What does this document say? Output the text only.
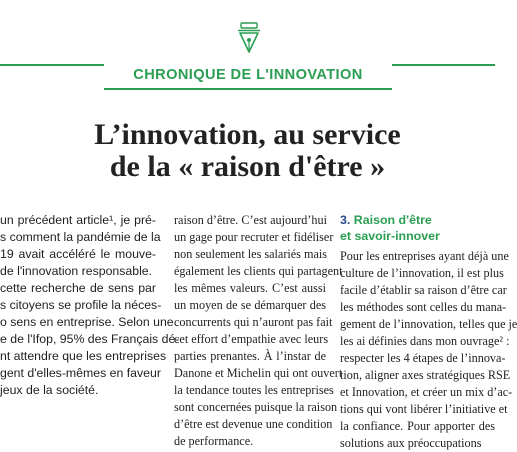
CHRONIQUE DE L'INNOVATION
L’innovation, au service
de la « raison d'être »
un précédent article¹, je pré-
s comment la pandémie de la
19 avait accéléré le mouve-
de l'innovation responsable.
cette recherche de sens par
s citoyens se profile la néces-
o sens en entreprise. Selon une
e de l'Ifop, 95% des Français dé-
nt attendre que les entreprises
gent d'elles-mêmes en faveur
jeux de la société.
raison d’être. C’est aujourd’hui
un gage pour recruter et fidéliser
non seulement les salariés mais
également les clients qui partagent
les mêmes valeurs. C’est aussi
un moyen de se démarquer des
concurrents qui n’auront pas fait
cet effort d’empathie avec leurs
parties prenantes. À l’instar de
Danone et Michelin qui ont ouvert
la tendance toutes les entreprises
sont concernées puisque la raison
d’être est devenue une condition
de performance.
3. Raison d'être
et savoir-innover
Pour les entreprises ayant déjà une
culture de l’innovation, il est plus
facile d’établir sa raison d’être car
les méthodes sont celles du mana-
gement de l’innovation, telles que je
les ai définies dans mon ouvrage² :
respecter les 4 étapes de l’innova-
tion, aligner axes stratégiques RSE
et Innovation, et créer un mix d’ac-
tions qui vont libérer l’initiative et
la confiance. Pour apporter des
solutions aux préoccupations
